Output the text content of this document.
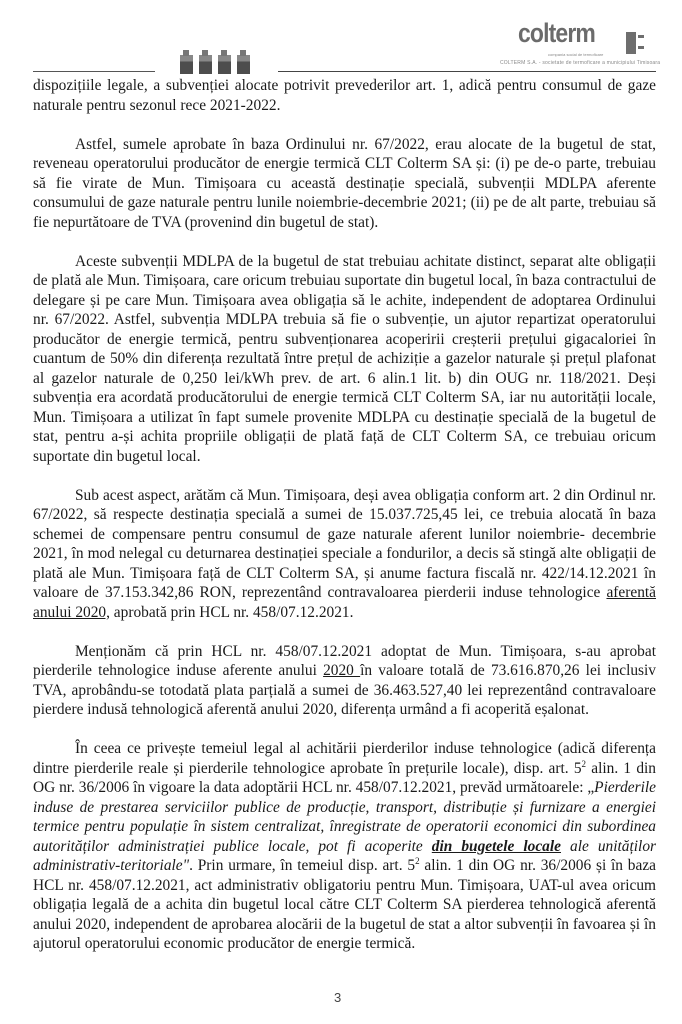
colterm
compania social de termoficare
COLTERM S.A. - societate de termoficare a municipiului Timisoara

dispozițiile legale, a subvenției alocate potrivit prevederilor art. 1, adică pentru consumul de gaze naturale pentru sezonul rece 2021-2022.

Astfel, sumele aprobate în baza Ordinului nr. 67/2022, erau alocate de la bugetul de stat, reveneau operatorului producător de energie termică CLT Colterm SA și: (i) pe de-o parte, trebuiau să fie virate de Mun. Timișoara cu această destinație specială, subvenții MDLPA aferente consumului de gaze naturale pentru lunile noiembrie-decembrie 2021; (ii) pe de alt parte, trebuiau să fie nepurtătoare de TVA (provenind din bugetul de stat).

Aceste subvenții MDLPA de la bugetul de stat trebuiau achitate distinct, separat alte obligații de plată ale Mun. Timișoara, care oricum trebuiau suportate din bugetul local, în baza contractului de delegare și pe care Mun. Timișoara avea obligația să le achite, independent de adoptarea Ordinului nr. 67/2022. Astfel, subvenția MDLPA trebuia să fie o subvenție, un ajutor repartizat operatorului producător de energie termică, pentru subvenționarea acoperirii creșterii prețului gigacaloriei în cuantum de 50% din diferența rezultată între prețul de achiziție a gazelor naturale și prețul plafonat al gazelor naturale de 0,250 lei/kWh prev. de art. 6 alin.1 lit. b) din OUG nr. 118/2021. Deși subvenția era acordată producătorului de energie termică CLT Colterm SA, iar nu autorității locale, Mun. Timișoara a utilizat în fapt sumele provenite MDLPA cu destinație specială de la bugetul de stat, pentru a-și achita propriile obligații de plată față de CLT Colterm SA, ce trebuiau oricum suportate din bugetul local.

Sub acest aspect, arătăm că Mun. Timișoara, deși avea obligația conform art. 2 din Ordinul nr. 67/2022, să respecte destinația specială a sumei de 15.037.725,45 lei, ce trebuia alocată în baza schemei de compensare pentru consumul de gaze naturale aferent lunilor noiembrie- decembrie 2021, în mod nelegal cu deturnarea destinației speciale a fondurilor, a decis să stingă alte obligații de plată ale Mun. Timișoara față de CLT Colterm SA, și anume factura fiscală nr. 422/14.12.2021 în valoare de 37.153.342,86 RON, reprezentând contravaloarea pierderii induse tehnologice aferentă anului 2020, aprobată prin HCL nr. 458/07.12.2021.

Menționăm că prin HCL nr. 458/07.12.2021 adoptat de Mun. Timișoara, s-au aprobat pierderile tehnologice induse aferente anului 2020 în valoare totală de 73.616.870,26 lei inclusiv TVA, aprobându-se totodată plata parțială a sumei de 36.463.527,40 lei reprezentând contravaloare pierdere indusă tehnologică aferentă anului 2020, diferența urmând a fi acoperită eșalonat.

În ceea ce privește temeiul legal al achitării pierderilor induse tehnologice (adică diferența dintre pierderile reale și pierderile tehnologice aprobate în prețurile locale), disp. art. $5^2$ alin. 1 din OG nr. 36/2006 în vigoare la data adoptării HCL nr. 458/07.12.2021, prevăd următoarele: „Pierderile induse de prestarea serviciilor publice de producție, transport, distribuție și furnizare a energiei termice pentru populație în sistem centralizat, înregistrate de operatorii economici din subordinea autorităților administrației publice locale, pot fi acoperite din bugetele locale ale unităților administrativ-teritoriale". Prin urmare, în temeiul disp. art. $5^2$ alin. 1 din OG nr. 36/2006 și în baza HCL nr. 458/07.12.2021, act administrativ obligatoriu pentru Mun. Timișoara, UAT-ul avea oricum obligația legală de a achita din bugetul local către CLT Colterm SA pierderea tehnologică aferentă anului 2020, independent de aprobarea alocării de la bugetul de stat a altor subvenții în favoarea și în ajutorul operatorului economic producător de energie termică.

3
